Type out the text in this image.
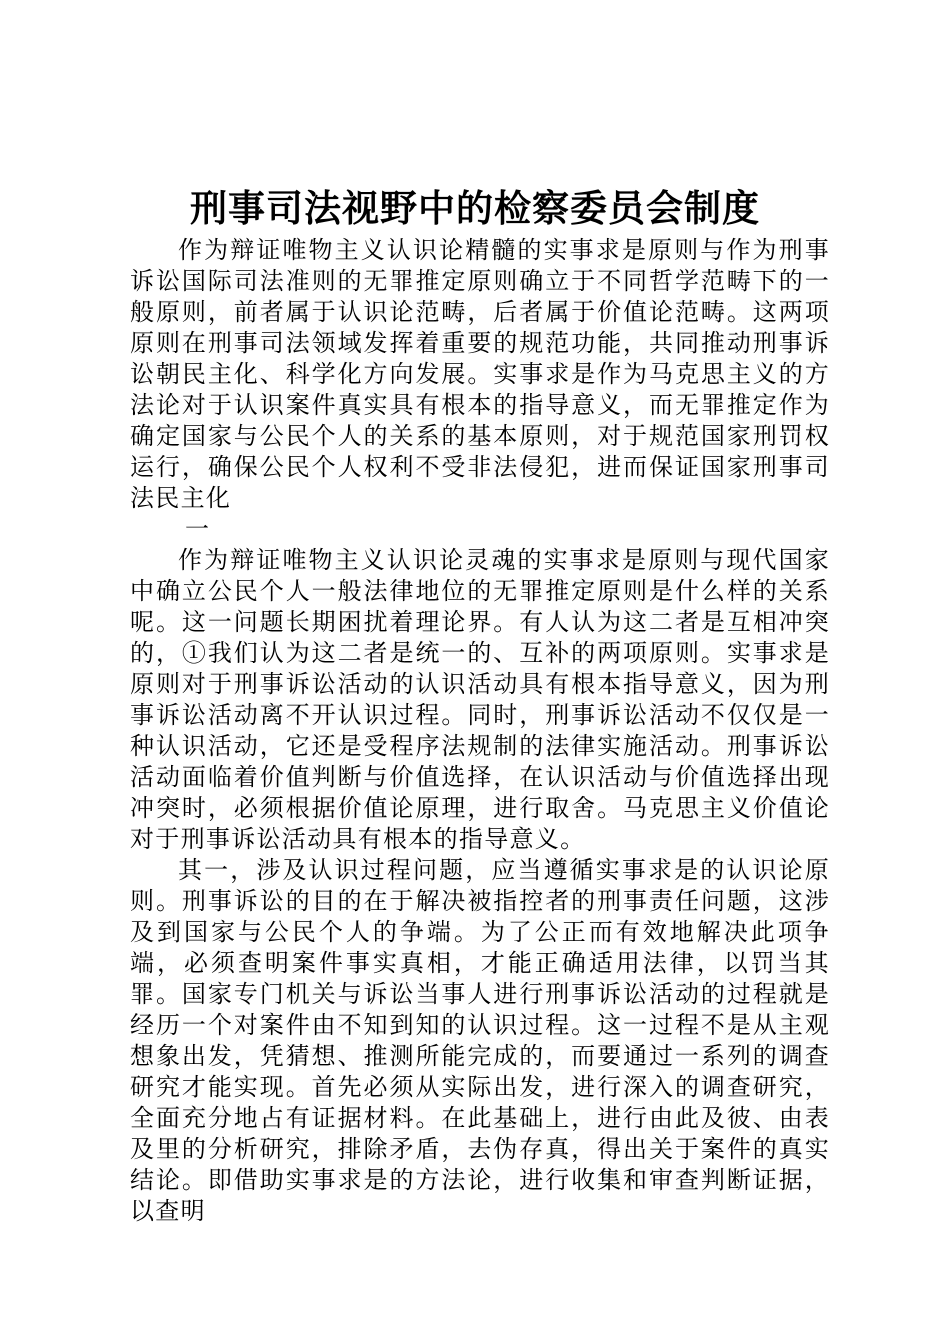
刑事司法视野中的检察委员会制度

作为辩证唯物主义认识论精髓的实事求是原则与作为刑事诉讼国际司法准则的无罪推定原则确立于不同哲学范畴下的一般原则，前者属于认识论范畴，后者属于价值论范畴。这两项原则在刑事司法领域发挥着重要的规范功能，共同推动刑事诉讼朝民主化、科学化方向发展。实事求是作为马克思主义的方法论对于认识案件真实具有根本的指导意义，而无罪推定作为确定国家与公民个人的关系的基本原则，对于规范国家刑罚权运行，确保公民个人权利不受非法侵犯，进而保证国家刑事司法民主化

一

作为辩证唯物主义认识论灵魂的实事求是原则与现代国家中确立公民个人一般法律地位的无罪推定原则是什么样的关系呢。这一问题长期困扰着理论界。有人认为这二者是互相冲突的，①我们认为这二者是统一的、互补的两项原则。实事求是原则对于刑事诉讼活动的认识活动具有根本指导意义，因为刑事诉讼活动离不开认识过程。同时，刑事诉讼活动不仅仅是一种认识活动，它还是受程序法规制的法律实施活动。刑事诉讼活动面临着价值判断与价值选择，在认识活动与价值选择出现冲突时，必须根据价值论原理，进行取舍。马克思主义价值论对于刑事诉讼活动具有根本的指导意义。

其一，涉及认识过程问题，应当遵循实事求是的认识论原则。刑事诉讼的目的在于解决被指控者的刑事责任问题，这涉及到国家与公民个人的争端。为了公正而有效地解决此项争端，必须查明案件事实真相，才能正确适用法律，以罚当其罪。国家专门机关与诉讼当事人进行刑事诉讼活动的过程就是经历一个对案件由不知到知的认识过程。这一过程不是从主观想象出发，凭猜想、推测所能完成的，而要通过一系列的调查研究才能实现。首先必须从实际出发，进行深入的调查研究，全面充分地占有证据材料。在此基础上，进行由此及彼、由表及里的分析研究，排除矛盾，去伪存真，得出关于案件的真实结论。即借助实事求是的方法论，进行收集和审查判断证据，以查明
